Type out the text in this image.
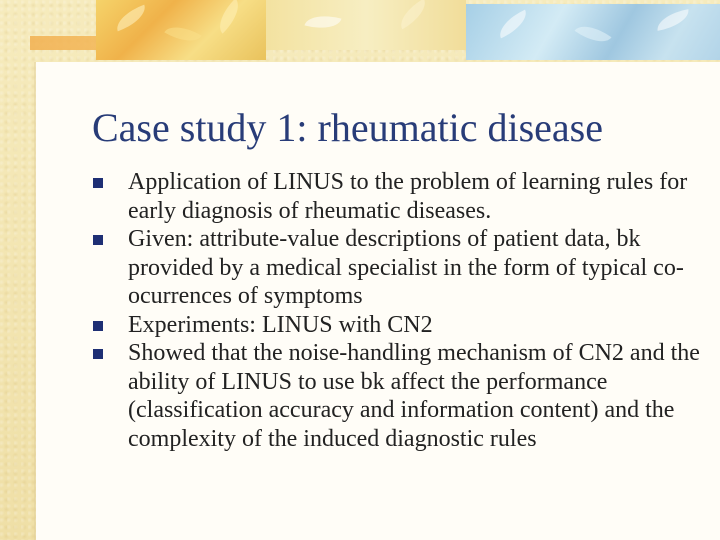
Case study 1: rheumatic disease
Application of LINUS to the problem of learning rules for early diagnosis of rheumatic diseases.
Given: attribute-value descriptions of patient data, bk provided by a medical specialist in the form of typical co-ocurrences of symptoms
Experiments: LINUS with CN2
Showed that the noise-handling mechanism of CN2 and the ability of LINUS to use bk affect the performance (classification accuracy and information content) and the complexity of the induced diagnostic rules
